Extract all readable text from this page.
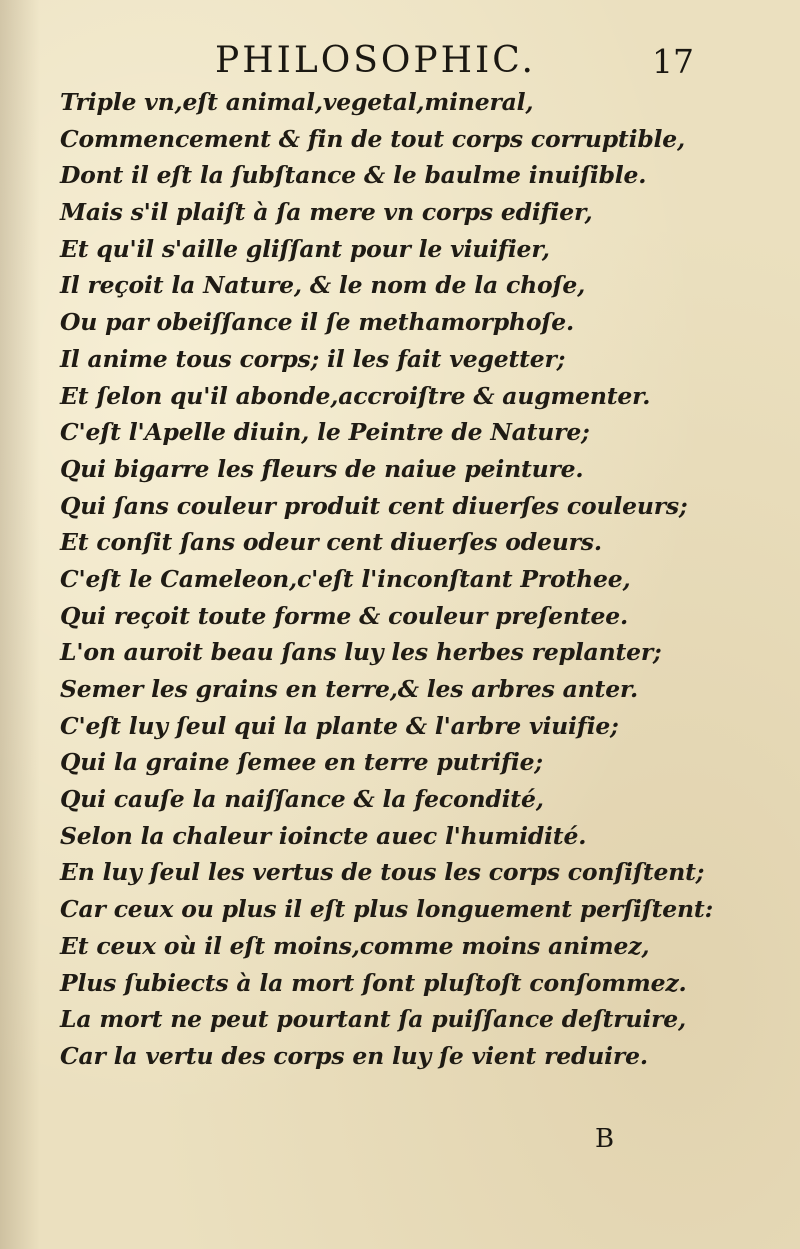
PHILOSOPHIC.	17
Triple vn,eſt animal,vegetal,mineral,
Commencement & fin de tout corps corruptible,
Dont il eſt la ſubſtance & le baulme inuiſible.
Mais s'il plaiſt à ſa mere vn corps edifier,
Et qu'il s'aille gliſſant pour le viuifier,
Il reçoit la Nature, & le nom de la choſe,
Ou par obeiſſance il ſe methamorphoſe.
Il anime tous corps; il les fait vegetter;
Et ſelon qu'il abonde,accroiſtre & augmenter.
C'eſt l'Apelle diuin, le Peintre de Nature;
Qui bigarre les fleurs de naiue peinture.
Qui ſans couleur produit cent diuerſes couleurs;
Et conſit ſans odeur cent diuerſes odeurs.
C'eſt le Cameleon,c'eſt l'inconſtant Prothee,
Qui reçoit toute forme & couleur preſentee.
L'on auroit beau ſans luy les herbes replanter;
Semer les grains en terre,& les arbres anter.
C'eſt luy ſeul qui la plante & l'arbre viuifie;
Qui la graine ſemee en terre putrifie;
Qui cauſe la naiſſance & la fecondité,
Selon la chaleur ioincte auec l'humidité.
En luy ſeul les vertus de tous les corps conſiſtent;
Car ceux ou plus il eſt plus longuement perſiſtent:
Et ceux où il eſt moins,comme moins animez,
Plus ſubiects à la mort ſont pluſtoſt conſommez.
La mort ne peut pourtant ſa puiſſance deſtruire,
Car la vertu des corps en luy ſe vient reduire.
B
